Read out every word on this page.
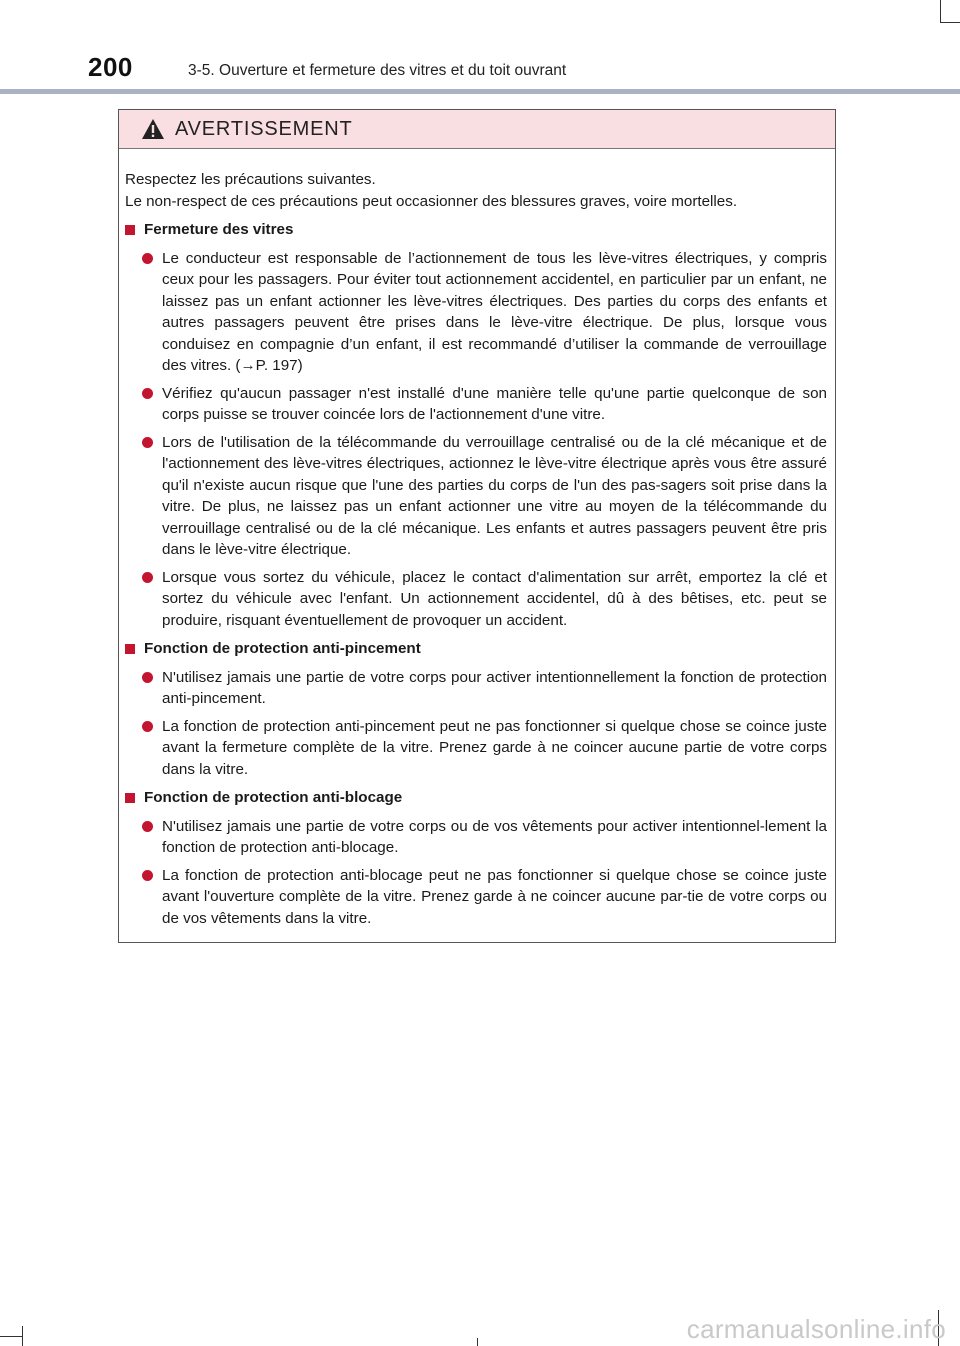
200	3-5. Ouverture et fermeture des vitres et du toit ouvrant
AVERTISSEMENT

Respectez les précautions suivantes.

Le non-respect de ces précautions peut occasionner des blessures graves, voire mortelles.

Fermeture des vitres
Le conducteur est responsable de l’actionnement de tous les lève-vitres électriques, y compris ceux pour les passagers. Pour éviter tout actionnement accidentel, en particulier par un enfant, ne laissez pas un enfant actionner les lève-vitres électriques. Des parties du corps des enfants et autres passagers peuvent être prises dans le lève-vitre électrique. De plus, lorsque vous conduisez en compagnie d’un enfant, il est recommandé d’utiliser la commande de verrouillage des vitres. (→P. 197)
Vérifiez qu'aucun passager n'est installé d'une manière telle qu'une partie quelconque de son corps puisse se trouver coincée lors de l'actionnement d'une vitre.
Lors de l'utilisation de la télécommande du verrouillage centralisé ou de la clé mécanique et de l'actionnement des lève-vitres électriques, actionnez le lève-vitre électrique après vous être assuré qu'il n'existe aucun risque que l'une des parties du corps de l'un des pas-sagers soit prise dans la vitre. De plus, ne laissez pas un enfant actionner une vitre au moyen de la télécommande du verrouillage centralisé ou de la clé mécanique. Les enfants et autres passagers peuvent être pris dans le lève-vitre électrique.
Lorsque vous sortez du véhicule, placez le contact d'alimentation sur arrêt, emportez la clé et sortez du véhicule avec l'enfant. Un actionnement accidentel, dû à des bêtises, etc. peut se produire, risquant éventuellement de provoquer un accident.
Fonction de protection anti-pincement
N'utilisez jamais une partie de votre corps pour activer intentionnellement la fonction de protection anti-pincement.
La fonction de protection anti-pincement peut ne pas fonctionner si quelque chose se coince juste avant la fermeture complète de la vitre. Prenez garde à ne coincer aucune partie de votre corps dans la vitre.
Fonction de protection anti-blocage
N'utilisez jamais une partie de votre corps ou de vos vêtements pour activer intentionnel-lement la fonction de protection anti-blocage.
La fonction de protection anti-blocage peut ne pas fonctionner si quelque chose se coince juste avant l'ouverture complète de la vitre. Prenez garde à ne coincer aucune par-tie de votre corps ou de vos vêtements dans la vitre.
carmanualsonline.info
